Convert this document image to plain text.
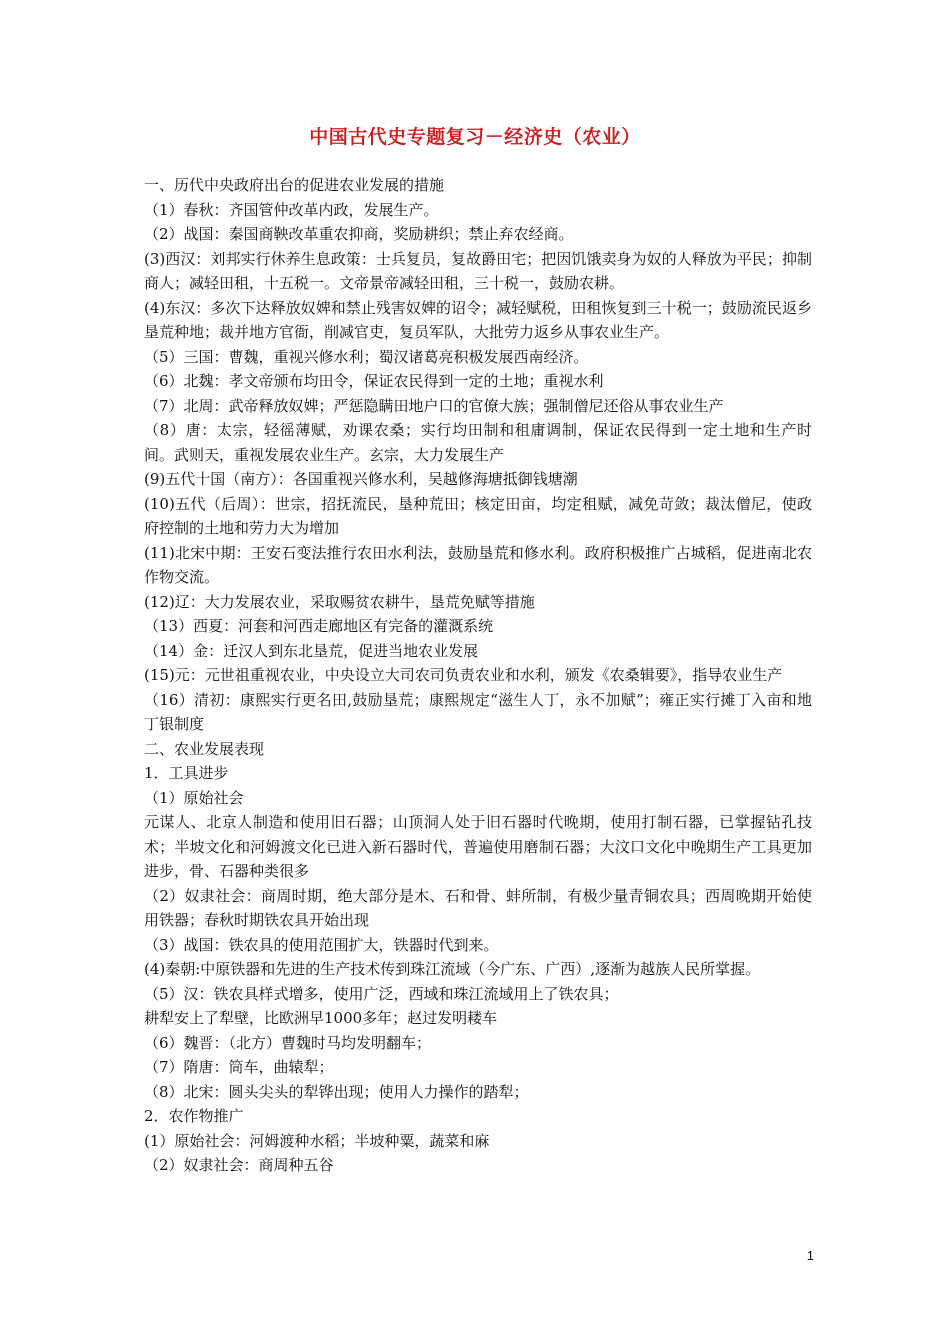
中国古代史专题复习－经济史（农业）

一、历代中央政府出台的促进农业发展的措施

（1）春秋：齐国管仲改革内政，发展生产。

（2）战国：秦国商鞅改革重农抑商，奖励耕织；禁止弃农经商。

(3)西汉：刘邦实行休养生息政策：士兵复员，复故爵田宅；把因饥饿卖身为奴的人释放为平民；抑制商人；减轻田租，十五税一。文帝景帝减轻田租，三十税一，鼓励农耕。

(4)东汉：多次下达释放奴婢和禁止残害奴婢的诏令；减轻赋税，田租恢复到三十税一；鼓励流民返乡垦荒种地；裁并地方官衙，削减官吏，复员军队，大批劳力返乡从事农业生产。

（5）三国：曹魏，重视兴修水利；蜀汉诸葛亮积极发展西南经济。

（6）北魏：孝文帝颁布均田令，保证农民得到一定的土地；重视水利

（7）北周：武帝释放奴婢；严惩隐瞒田地户口的官僚大族；强制僧尼还俗从事农业生产

（8）唐：太宗，轻徭薄赋，劝课农桑；实行均田制和租庸调制，保证农民得到一定土地和生产时间。武则天，重视发展农业生产。玄宗，大力发展生产

(9)五代十国（南方）：各国重视兴修水利，吴越修海塘抵御钱塘潮

(10)五代（后周）：世宗，招抚流民，垦种荒田；核定田亩，均定租赋，减免苛敛；裁汰僧尼，使政府控制的土地和劳力大为增加

(11)北宋中期：王安石变法推行农田水利法，鼓励垦荒和修水利。政府积极推广占城稻，促进南北农作物交流。

(12)辽：大力发展农业，采取赐贫农耕牛，垦荒免赋等措施

（13）西夏：河套和河西走廊地区有完备的灌溉系统

（14）金：迁汉人到东北垦荒，促进当地农业发展

(15)元：元世祖重视农业，中央设立大司农司负责农业和水利，颁发《农桑辑要》，指导农业生产

（16）清初：康熙实行更名田,鼓励垦荒；康熙规定“滋生人丁，永不加赋”；雍正实行摊丁入亩和地丁银制度

二、农业发展表现

1．工具进步

（1）原始社会

元谋人、北京人制造和使用旧石器；山顶洞人处于旧石器时代晚期，使用打制石器，已掌握钻孔技术；半坡文化和河姆渡文化已进入新石器时代，普遍使用磨制石器；大汶口文化中晚期生产工具更加进步，骨、石器种类很多

（2）奴隶社会：商周时期，绝大部分是木、石和骨、蚌所制，有极少量青铜农具；西周晚期开始使用铁器；春秋时期铁农具开始出现

（3）战国：铁农具的使用范围扩大，铁器时代到来。

(4)秦朝:中原铁器和先进的生产技术传到珠江流域（今广东、广西）,逐渐为越族人民所掌握。

（5）汉：铁农具样式增多，使用广泛，西域和珠江流域用上了铁农具；

耕犁安上了犁壁，比欧洲早1000多年；赵过发明耧车

（6）魏晋：（北方）曹魏时马均发明翻车；

（7）隋唐：筒车，曲辕犁；

（8）北宋：圆头尖头的犁铧出现；使用人力操作的踏犁；

2．农作物推广

(1）原始社会：河姆渡种水稻；半坡种粟，蔬菜和麻

（2）奴隶社会：商周种五谷

1
